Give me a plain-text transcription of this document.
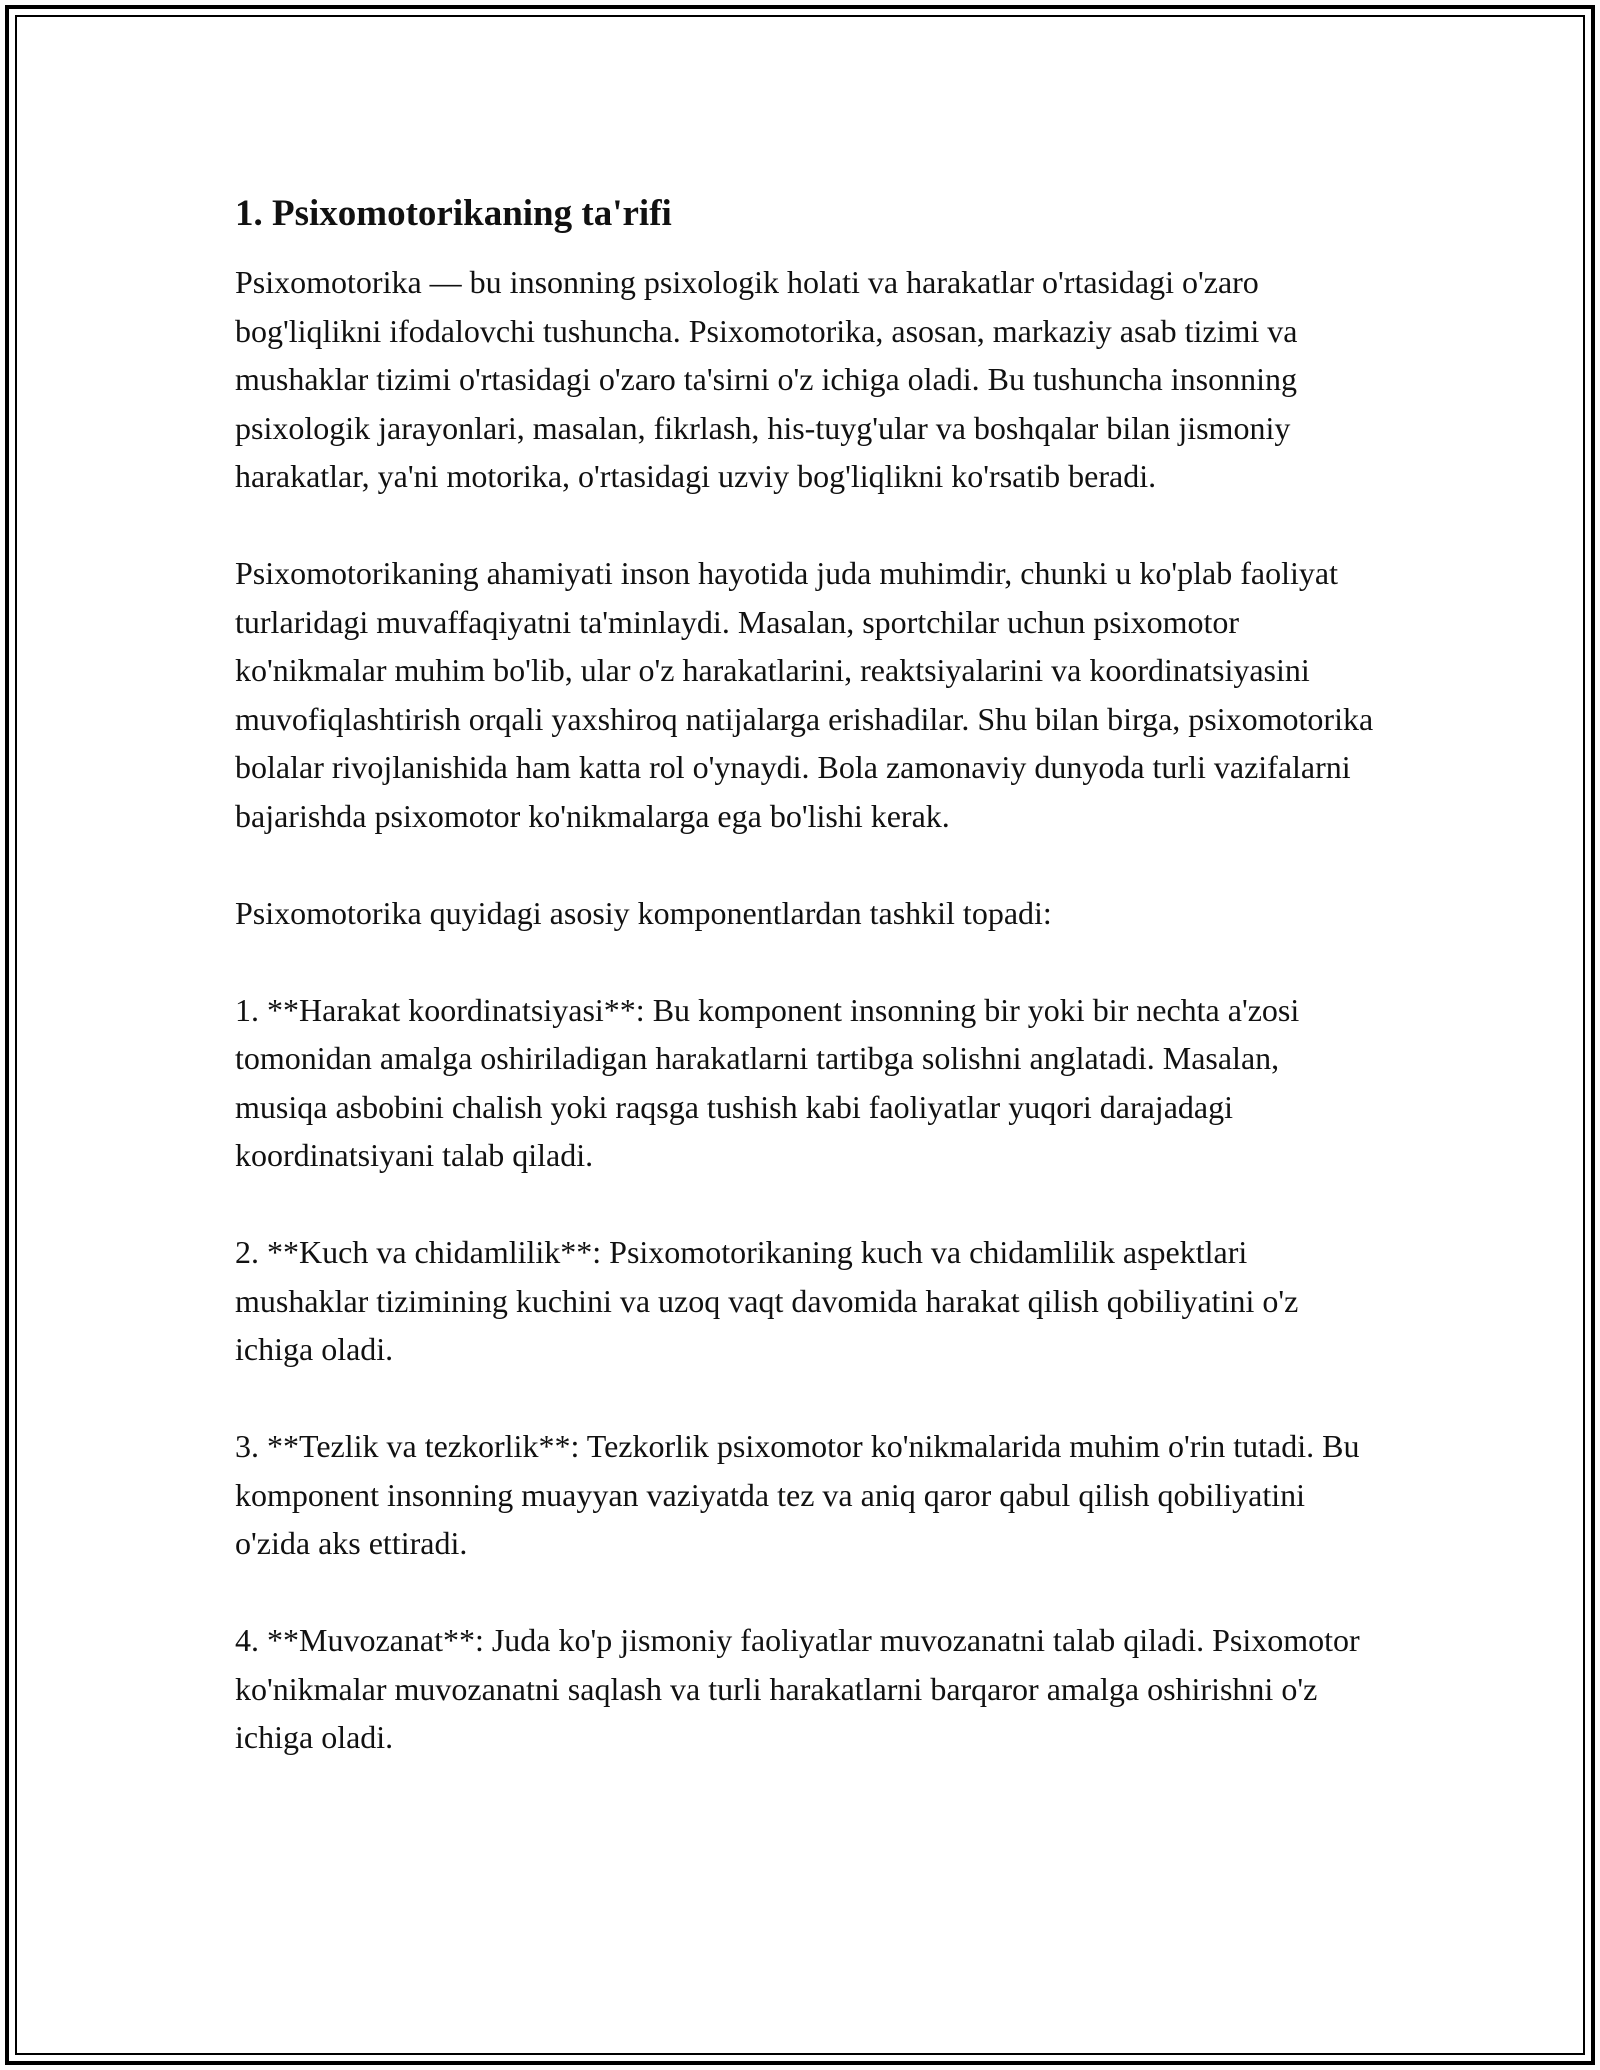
1. Psixomotorikaning ta'rifi

Psixomotorika — bu insonning psixologik holati va harakatlar o'rtasidagi o'zaro bog'liqlikni ifodalovchi tushuncha. Psixomotorika, asosan, markaziy asab tizimi va mushaklar tizimi o'rtasidagi o'zaro ta'sirni o'z ichiga oladi. Bu tushuncha insonning psixologik jarayonlari, masalan, fikrlash, his-tuyg'ular va boshqalar bilan jismoniy harakatlar, ya'ni motorika, o'rtasidagi uzviy bog'liqlikni ko'rsatib beradi.

Psixomotorikaning ahamiyati inson hayotida juda muhimdir, chunki u ko'plab faoliyat turlaridagi muvaffaqiyatni ta'minlaydi. Masalan, sportchilar uchun psixomotor ko'nikmalar muhim bo'lib, ular o'z harakatlarini, reaktsiyalarini va koordinatsiyasini muvofiqlashtirish orqali yaxshiroq natijalarga erishadilar. Shu bilan birga, psixomotorika bolalar rivojlanishida ham katta rol o'ynaydi. Bola zamonaviy dunyoda turli vazifalarni bajarishda psixomotor ko'nikmalarga ega bo'lishi kerak.

Psixomotorika quyidagi asosiy komponentlardan tashkil topadi:

1. **Harakat koordinatsiyasi**: Bu komponent insonning bir yoki bir nechta a'zosi tomonidan amalga oshiriladigan harakatlarni tartibga solishni anglatadi. Masalan, musiqa asbobini chalish yoki raqsga tushish kabi faoliyatlar yuqori darajadagi koordinatsiyani talab qiladi.

2. **Kuch va chidamlilik**: Psixomotorikaning kuch va chidamlilik aspektlari mushaklar tizimining kuchini va uzoq vaqt davomida harakat qilish qobiliyatini o'z ichiga oladi.

3. **Tezlik va tezkorlik**: Tezkorlik psixomotor ko'nikmalarida muhim o'rin tutadi. Bu komponent insonning muayyan vaziyatda tez va aniq qaror qabul qilish qobiliyatini o'zida aks ettiradi.

4. **Muvozanat**: Juda ko'p jismoniy faoliyatlar muvozanatni talab qiladi. Psixomotor ko'nikmalar muvozanatni saqlash va turli harakatlarni barqaror amalga oshirishni o'z ichiga oladi.
